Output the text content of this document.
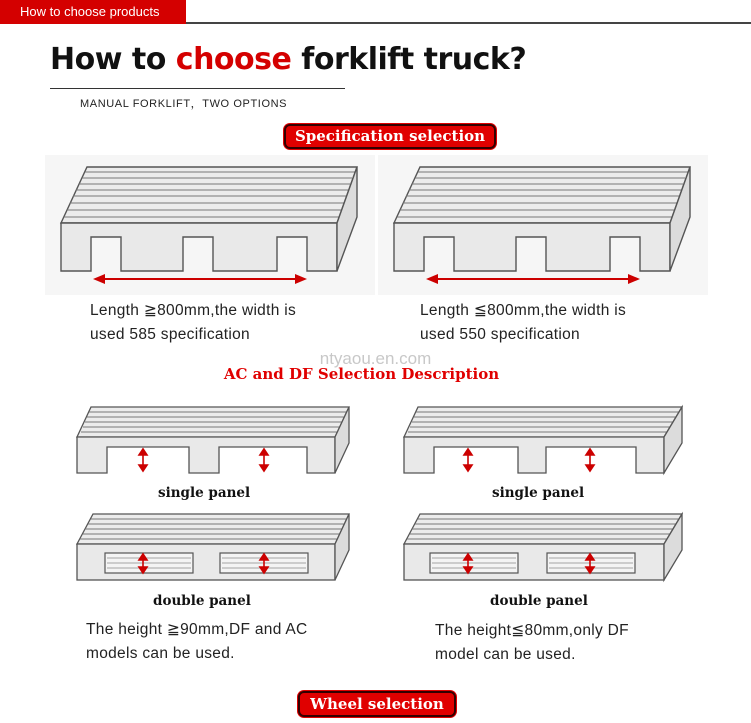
How to choose products
How to choose forklift truck?
MANUAL FORKLIFT，TWO OPTIONS
Specification selection
Length ≧800mm,the width is
used 585 specification
Length ≦800mm,the width is
used 550 specification
ntyaou.en.com
AC and DF Selection Description
single panel	single panel
double panel	double panel
The height ≧90mm,DF and AC
models can be used.
The height≦80mm,only DF
model can be used.
Wheel selection
